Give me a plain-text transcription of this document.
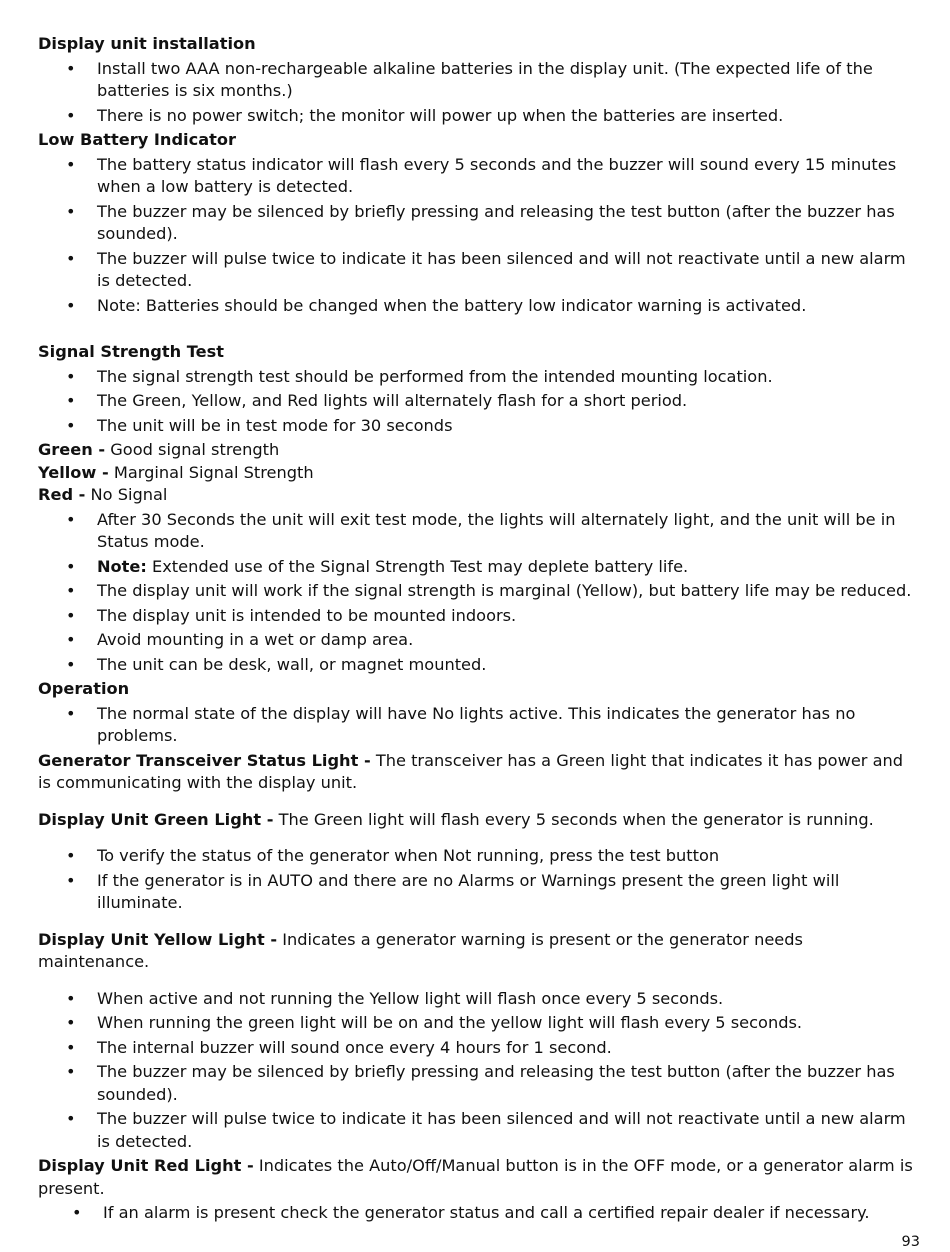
Display unit installation
• Install two AAA non-rechargeable alkaline batteries in the display unit. (The expected life of the batteries is six months.)
• There is no power switch; the monitor will power up when the batteries are inserted.
Low Battery Indicator
• The battery status indicator will flash every 5 seconds and the buzzer will sound every 15 minutes when a low battery is detected.
• The buzzer may be silenced by briefly pressing and releasing the test button (after the buzzer has sounded).
• The buzzer will pulse twice to indicate it has been silenced and will not reactivate until a new alarm is detected.
• Note: Batteries should be changed when the battery low indicator warning is activated.
Signal Strength Test
• The signal strength test should be performed from the intended mounting location.
• The Green, Yellow, and Red lights will alternately flash for a short period.
• The unit will be in test mode for 30 seconds
Green - Good signal strength
Yellow - Marginal Signal Strength
Red - No Signal
• After 30 Seconds the unit will exit test mode, the lights will alternately light, and the unit will be in Status mode.
• Note: Extended use of the Signal Strength Test may deplete battery life.
• The display unit will work if the signal strength is marginal (Yellow), but battery life may be reduced.
• The display unit is intended to be mounted indoors.
• Avoid mounting in a wet or damp area.
• The unit can be desk, wall, or magnet mounted.
Operation
• The normal state of the display will have No lights active. This indicates the generator has no problems.
Generator Transceiver Status Light - The transceiver has a Green light that indicates it has power and is communicating with the display unit.
Display Unit Green Light - The Green light will flash every 5 seconds when the generator is running.
• To verify the status of the generator when Not running, press the test button
• If the generator is in AUTO and there are no Alarms or Warnings present the green light will illuminate.
Display Unit Yellow Light - Indicates a generator warning is present or the generator needs maintenance.
• When active and not running the Yellow light will flash once every 5 seconds.
• When running the green light will be on and the yellow light will flash every 5 seconds.
• The internal buzzer will sound once every 4 hours for 1 second.
• The buzzer may be silenced by briefly pressing and releasing the test button (after the buzzer has sounded).
• The buzzer will pulse twice to indicate it has been silenced and will not reactivate until a new alarm is detected.
Display Unit Red Light - Indicates the Auto/Off/Manual button is in the OFF mode, or a generator alarm is present.
• If an alarm is present check the generator status and call a certified repair dealer if necessary.
93
